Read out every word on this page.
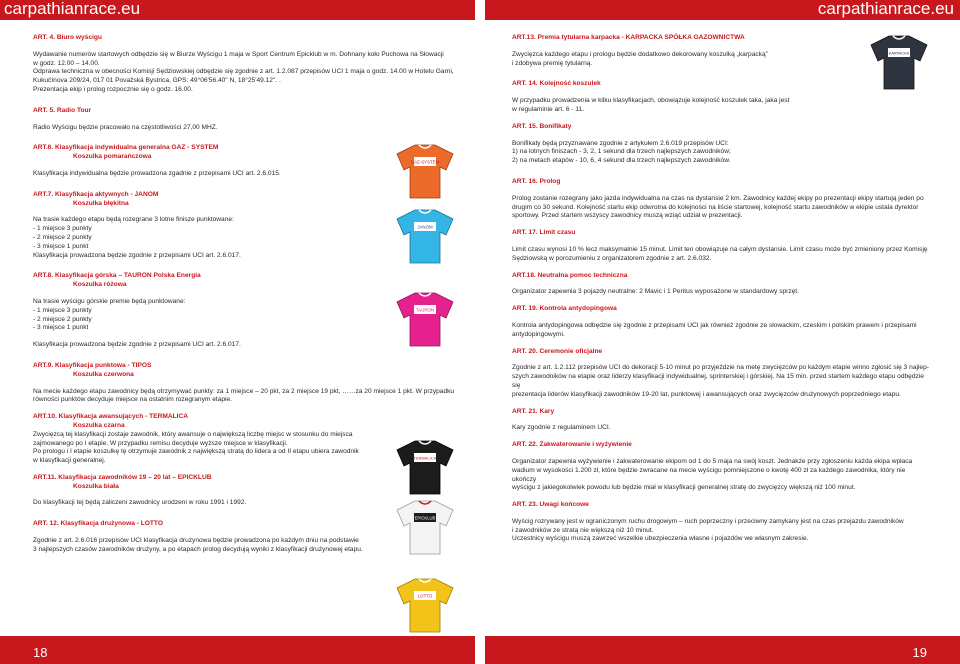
carpathianrace.eu	carpathianrace.eu
ART. 4. Biuro wyścigu

Wydawanie numerów startowych odbędzie się w Biurze Wyścigu 1 maja w Sport Centrum Epicklub w m. Dohnany koło Puchowa na Słowacji

w godz. 12.00 – 14.00.

Odprawa techniczna w obecności Komisji Sędziowskiej odbędzie się zgodnie z art. 1.2.087 przepisów UCI 1 maja o godz. 14.00 w Hotelu Garni,

Kukučínova 209/24, 017 01 Považská Bystrica, GPS: 49°06'56.40" N, 18°25'49.12". .

Prezentacja ekip i prolog rozpocznie się o godz. 16.00.

ART. 5. Radio Tour

Radio Wyścigu będzie pracowało na częstotliwości 27,00 MHZ.

ART.6. Klasyfikacja indywidualna generalna GAZ - SYSTEM
Koszulka pomarańczowa

Klasyfikacja indywidualna będzie prowadzona zgadnie z przepisami UCI art. 2.6.015.

ART.7. Klasyfikacja aktywnych - JANOM
Koszulka błękitna

Na trasie każdego etapu będą rozegrane 3 lotne finisze punktowane:

- 1 miejsce 3 punkty

- 2 miejsce 2 punkty

- 3 miejsce 1 punkt

Klasyfikacja prowadzona będzie zgodnie z przepisami UCI art. 2.6.017.

ART.8. Klasyfikacja górska – TAURON Polska Energia
Koszulka różowa

Na trasie wyścigu górskie premie będą punktowane:

- 1 miejsce 3 punkty

- 2 miejsce 2 punkty

- 3 miejsce 1 punkt

Klasyfikacja prowadzona będzie zgodnie z przepisami UCI art. 2.6.017.

ART.9. Klasyfikacja punktowa - TIPOS
Koszulka czerwona

Na mecie każdego etapu zawodnicy będą otrzymywać punkty: za 1 miejsce – 20 pkt, za 2 miejsce 19 pkt, ……za 20 miejsce 1 pkt. W przypadku

równości punktów decyduje miejsce na ostatnim rozegranym etapie.

ART.10. Klasyfikacja awansujących - TERMALICA
Koszulka czarna

Zwycięzcą tej klasyfikacji zostaje zawodnik, który awansuje o największą liczbę miejsc w stosunku do miejsca

zajmowanego po I etapie. W przypadku remisu decyduje wyższe miejsce w klasyfikacji.

Po prologu i I etapie koszulkę tę otrzymuje zawodnik z największą stratą do lidera a od II etapu ubiera zawodnik

w klasyfikacji generalnej.

ART.11. Klasyfikacja zawodników 19 – 20 lat – EPICKLUB
Koszulka biała

Do klasyfikacji tej będą zaliczeni zawodnicy urodzeni w roku 1991 i 1992.

ART. 12. Klasyfikacja drużynowa - LOTTO

Zgodnie z art. 2.6.016 przepisów UCI klasyfikacja drużynowa będzie prowadzona po każdym dniu na podstawie

3 najlepszych czasów zawodników drużyny, a po etapach prolog decydują wyniki z klasyfikacji drużynowej etapu.

ART.13. Premia tytularna karpacka - KARPACKA SPÓŁKA GAZOWNICTWA

Zwycięzca każdego etapu i prologu będzie dodatkowo dekorowany koszulką „karpacką”

i zdobywa premię tytularną.

ART. 14. Kolejność koszulek

W przypadku prowadzenia w kilku klasyfikacjach, obowiązuje kolejność koszulek taka, jaka jest

w regulaminie art. 6 - 11.

ART. 15. Bonifikaty

Bonifikaty będą przyznawane zgodnie z artykułem 2.6.019 przepisów UCI:

1) na lotnych finiszach - 3, 2, 1 sekund dla trzech najlepszych zawodników;

2) na metach etapów - 10, 6, 4 sekund dla trzech najlepszych zawodników.

ART. 16. Prolog

Prolog zostanie rozegrany jako jazda indywidualna na czas na dystansie 2 km. Zawodnicy każdej ekipy po prezentacji ekipy startują jeden po

drugim co 30 sekund. Kolejność startu ekip odwrotna do kolejności na liście startowej, kolejność startu zawodników w ekipie ustala dyrektor

sportowy. Przed startem wszyscy zawodnicy muszą wziąć udział w prezentacji.

ART. 17. Limit czasu

Limit czasu wynosi 10 % lecz maksymalnie 15 minut. Limit ten obowiązuje na całym dystansie. Limit czasu może być zmieniony przez Komisję

Sędziowską w porozumieniu z organizatorem zgodnie z art. 2.6.032.

ART.18. Neutralna pomoc techniczna

Organizator zapewnia 3 pojazdy neutralne: 2 Mavic i 1 Peritus wyposażone w standardowy sprzęt.

ART. 19. Kontrola antydopingowa

Kontrola antydopingowa odbędzie się zgodnie z przepisami UCI jak również zgodnie ze słowackim, czeskim i polskim prawem i przepisami

antydopingowymi.

ART. 20. Ceremonie oficjalne

Zgodnie z art. 1.2.112 przepisów UCI do dekoracji 5-10 minut po przyjeździe na metę zwycięzców po każdym etapie winno zgłosić się 3 najlep-

szych zawodników na etapie oraz liderzy klasyfikacji indywidualnej, sprinterskiej i górskiej. Na 15 min. przed startem każdego etapu odbędzie się

prezentacja liderów klasyfikacji zawodników 19-20 lat, punktowej i awansujących oraz zwycięzców drużynowych poprzedniego etapu.

ART. 21. Kary

Kary zgodnie z regulaminem UCI.

ART. 22. Zakwaterowanie i wyżywienie

Organizator zapewnia wyżywienie i zakwaterowanie ekipom od 1 do 5 maja na swój koszt. Jednakże przy zgłoszeniu każda ekipa wpłaca

wadium w wysokości 1.200 zł, które będzie zwracane na mecie wyścigu pomniejszone o kwotę 400 zł za każdego zawodnika, który nie ukończy

wyścigu z jakiegokolwiek powodu lub będzie miał w klasyfikacji generalnej stratę do zwycięzcy większą niż 100 minut.

ART. 23. Uwagi końcowe

Wyścig rozrywany jest w ograniczonym ruchu drogowym – ruch poprzeczny i przeciwny zamykany jest na czas przejazdu zawodników

i zawodników ze stratą nie większą niż 10 minut.

Uczestnicy wyścigu muszą zawrzeć wszelkie ubezpieczenia własne i pojazdów we własnym zakresie.

GAZ-SYSTEM
JANOM
TAURON
TERMALICA
EPICKLUB
LOTTO
KARPACKA
18	19
